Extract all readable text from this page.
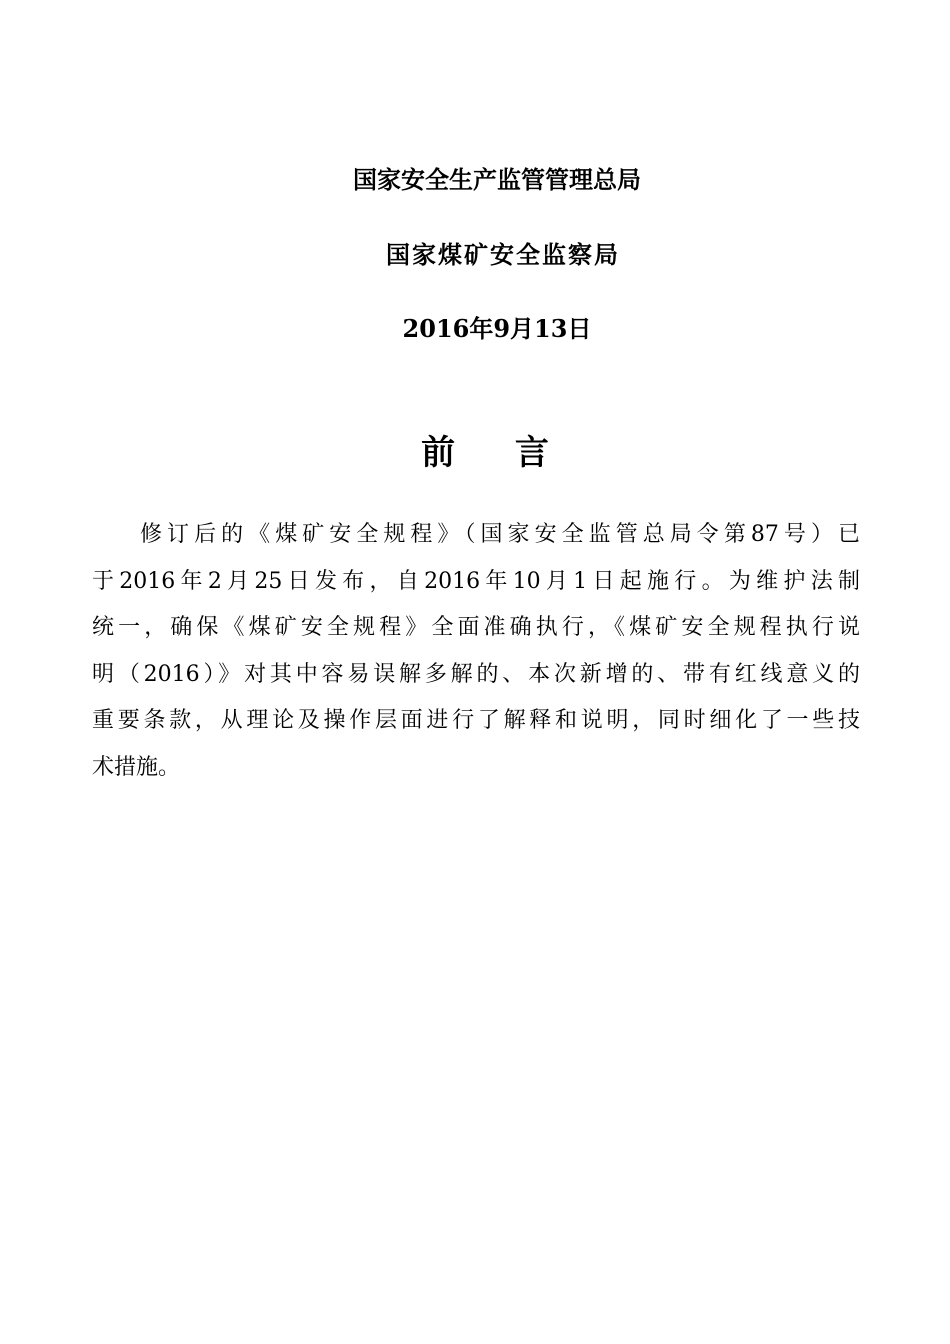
国家安全生产监管管理总局
国家煤矿安全监察局
2016年9月13日
前 言
修订后的《煤矿安全规程》（国家安全监管总局令第87号）已
于2016年2月25日发布，自2016年10月1日起施行。为维护法制
统一，确保《煤矿安全规程》全面准确执行，《煤矿安全规程执行说
明（2016）》对其中容易误解多解的、本次新增的、带有红线意义的
重要条款，从理论及操作层面进行了解释和说明，同时细化了一些技
术措施。
